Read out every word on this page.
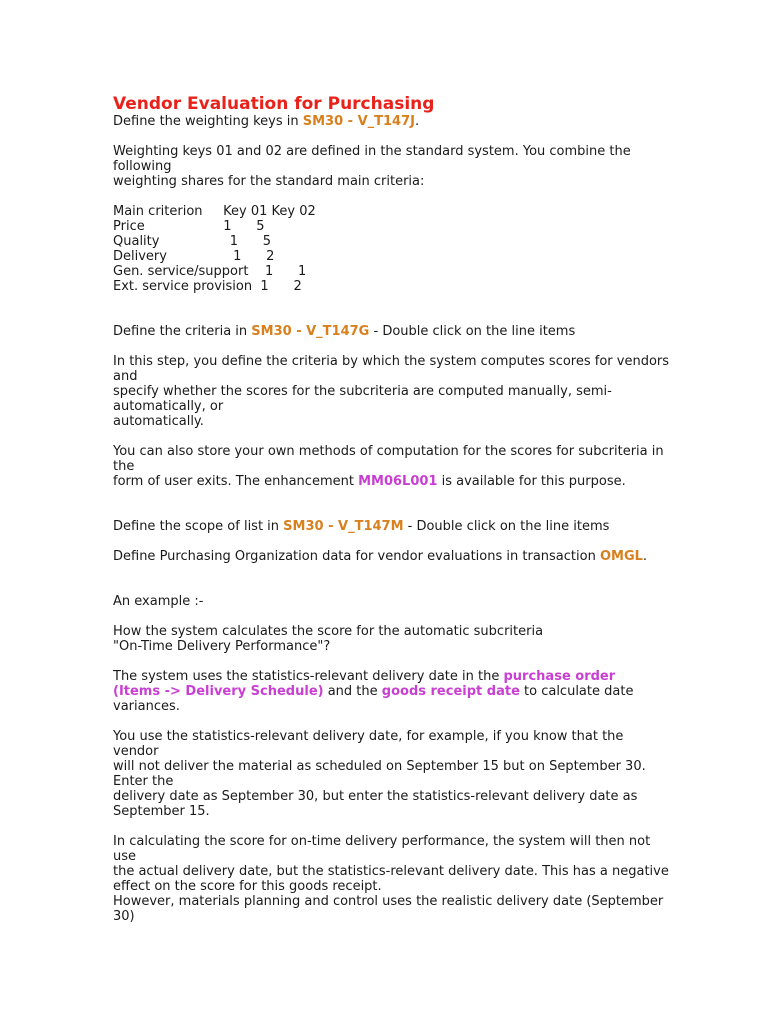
Vendor Evaluation for Purchasing
Define the weighting keys in SM30 - V_T147J.
Weighting keys 01 and 02 are defined in the standard system. You combine the
following
weighting shares for the standard main criteria:
Main criterion     Key 01 Key 02
Price                   1      5
Quality                 1      5
Delivery                1      2
Gen. service/support    1      1
Ext. service provision  1      2
Define the criteria in SM30 - V_T147G - Double click on the line items
In this step, you define the criteria by which the system computes scores for vendors
and
specify whether the scores for the subcriteria are computed manually, semi-
automatically, or
automatically.
You can also store your own methods of computation for the scores for subcriteria in
the
form of user exits. The enhancement MM06L001 is available for this purpose.
Define the scope of list in SM30 - V_T147M - Double click on the line items
Define Purchasing Organization data for vendor evaluations in transaction OMGL.
An example :-
How the system calculates the score for the automatic subcriteria
"On-Time Delivery Performance"?
The system uses the statistics-relevant delivery date in the purchase order
(Items -> Delivery Schedule) and the goods receipt date to calculate date
variances.
You use the statistics-relevant delivery date, for example, if you know that the
vendor
will not deliver the material as scheduled on September 15 but on September 30.
Enter the
delivery date as September 30, but enter the statistics-relevant delivery date as
September 15.
In calculating the score for on-time delivery performance, the system will then not
use
the actual delivery date, but the statistics-relevant delivery date. This has a negative
effect on the score for this goods receipt.
However, materials planning and control uses the realistic delivery date (September
30)
